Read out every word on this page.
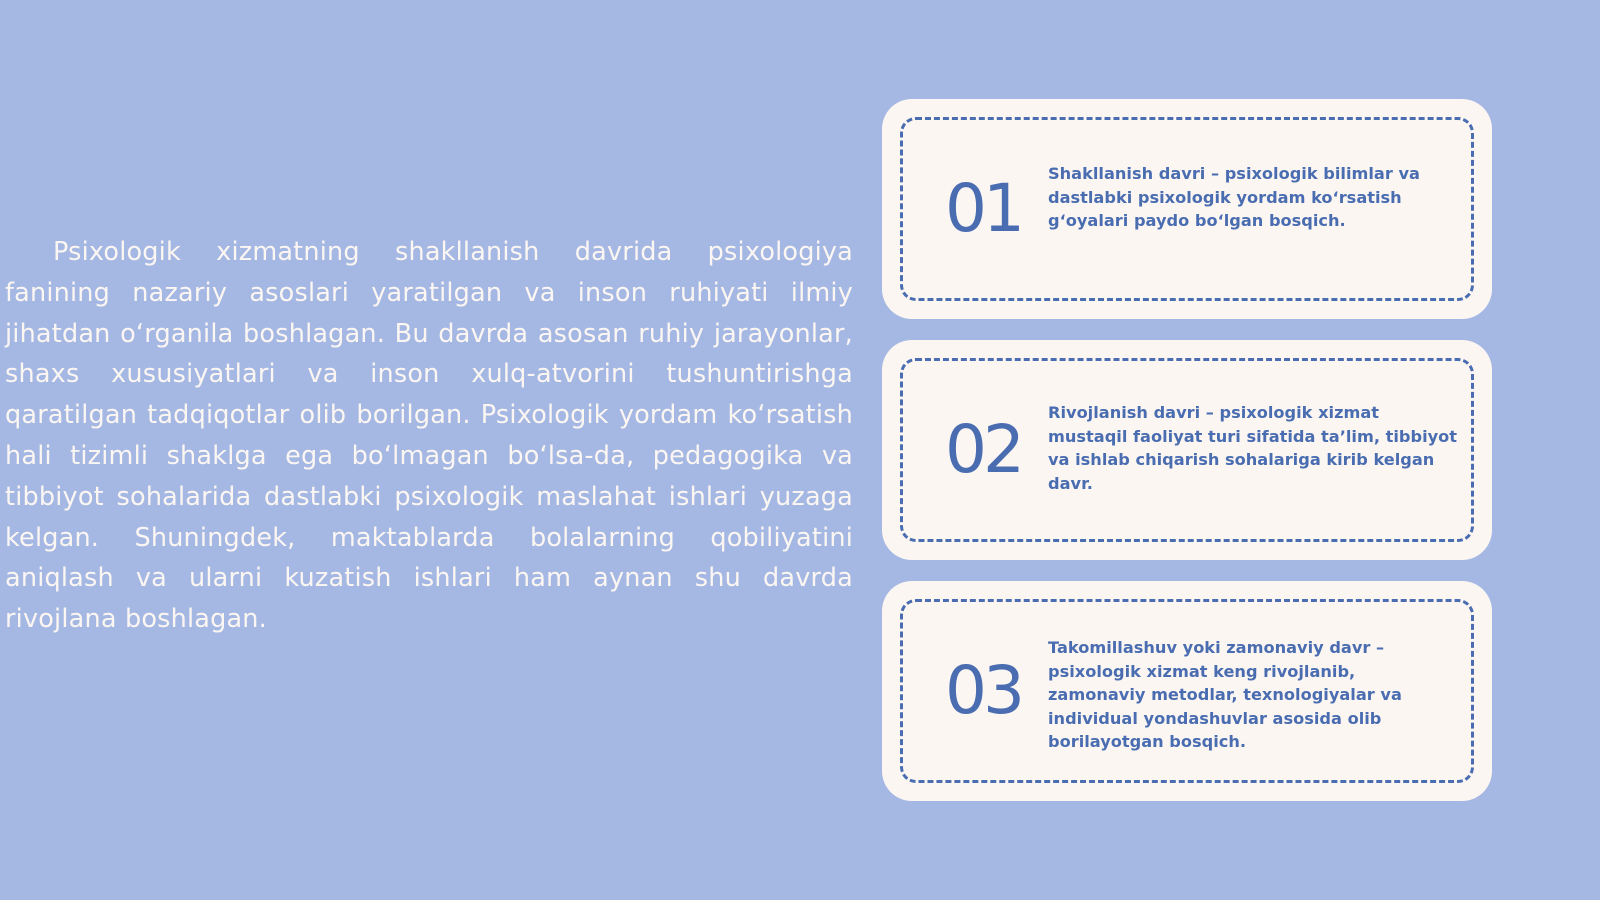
Psixologik xizmatning shakllanish davrida psixologiya fanining nazariy asoslari yaratilgan va inson ruhiyati ilmiy jihatdan o‘rganila boshlagan. Bu davrda asosan ruhiy jarayonlar, shaxs xususiyatlari va inson xulq-atvorini tushuntirishga qaratilgan tadqiqotlar olib borilgan. Psixologik yordam ko‘rsatish hali tizimli shaklga ega bo‘lmagan bo‘lsa-da, pedagogika va tibbiyot sohalarida dastlabki psixologik maslahat ishlari yuzaga kelgan. Shuningdek, maktablarda bolalarning qobiliyatini aniqlash va ularni kuzatish ishlari ham aynan shu davrda rivojlana boshlagan.

01	Shakllanish davri – psixologik bilimlar va dastlabki psixologik yordam ko‘rsatish g‘oyalari paydo bo‘lgan bosqich.
02	Rivojlanish davri – psixologik xizmat mustaqil faoliyat turi sifatida ta’lim, tibbiyot va ishlab chiqarish sohalariga kirib kelgan davr.
03
Takomillashuv yoki zamonaviy davr – psixologik xizmat keng rivojlanib, zamonaviy metodlar, texnologiyalar va individual yondashuvlar asosida olib borilayotgan bosqich.
